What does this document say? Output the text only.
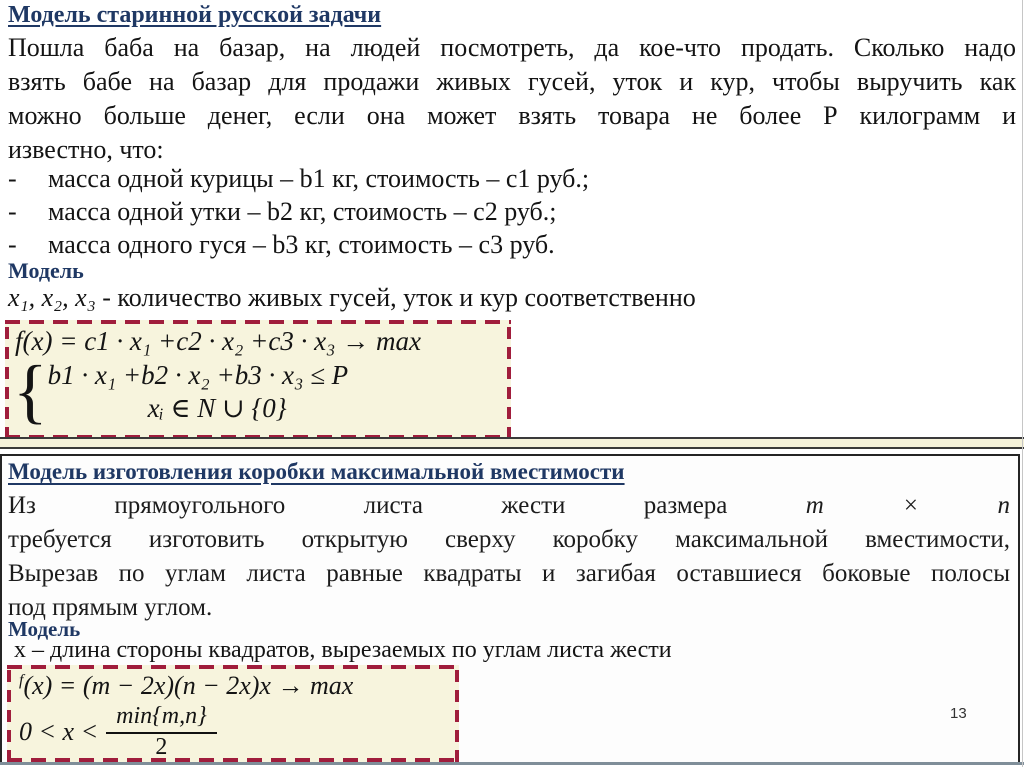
Модель старинной русской задачи
Пошла баба на базар, на людей посмотреть, да кое-что продать. Сколько надо
взять бабе на базар для продажи живых гусей, уток и кур, чтобы выручить как
можно больше денег, если она может взять товара не более Р килограмм и
известно, что:
-	масса одной курицы – b1 кг, стоимость – с1 руб.;
-	масса одной утки – b2 кг, стоимость – с2 руб.;
-	масса одного гуся – b3 кг, стоимость – с3 руб.
Модель
x₁, x₂, x₃ - количество живых гусей, уток и кур соответственно
f(x) = c1 · x₁ +c2 · x₂ +c3 · x₃ → max
{ b1 · x₁ +b2 · x₂ +b3 · x₃ ≤ P
xᵢ ∈ N ∪ {0}
Модель изготовления коробки максимальной вместимости
Из прямоугольного листа жести размера	m × n
требуется изготовить открытую сверху коробку максимальной вместимости,
Вырезав по углам листа равные квадраты и загибая оставшиеся боковые полосы
под прямым углом.
Модель
х – длина стороны квадратов, вырезаемых по углам листа жести
$^f$(x) = (m − 2x)(n − 2x)x → max
$0 < x < \frac{\min\{m,n\}}{2}$	13
